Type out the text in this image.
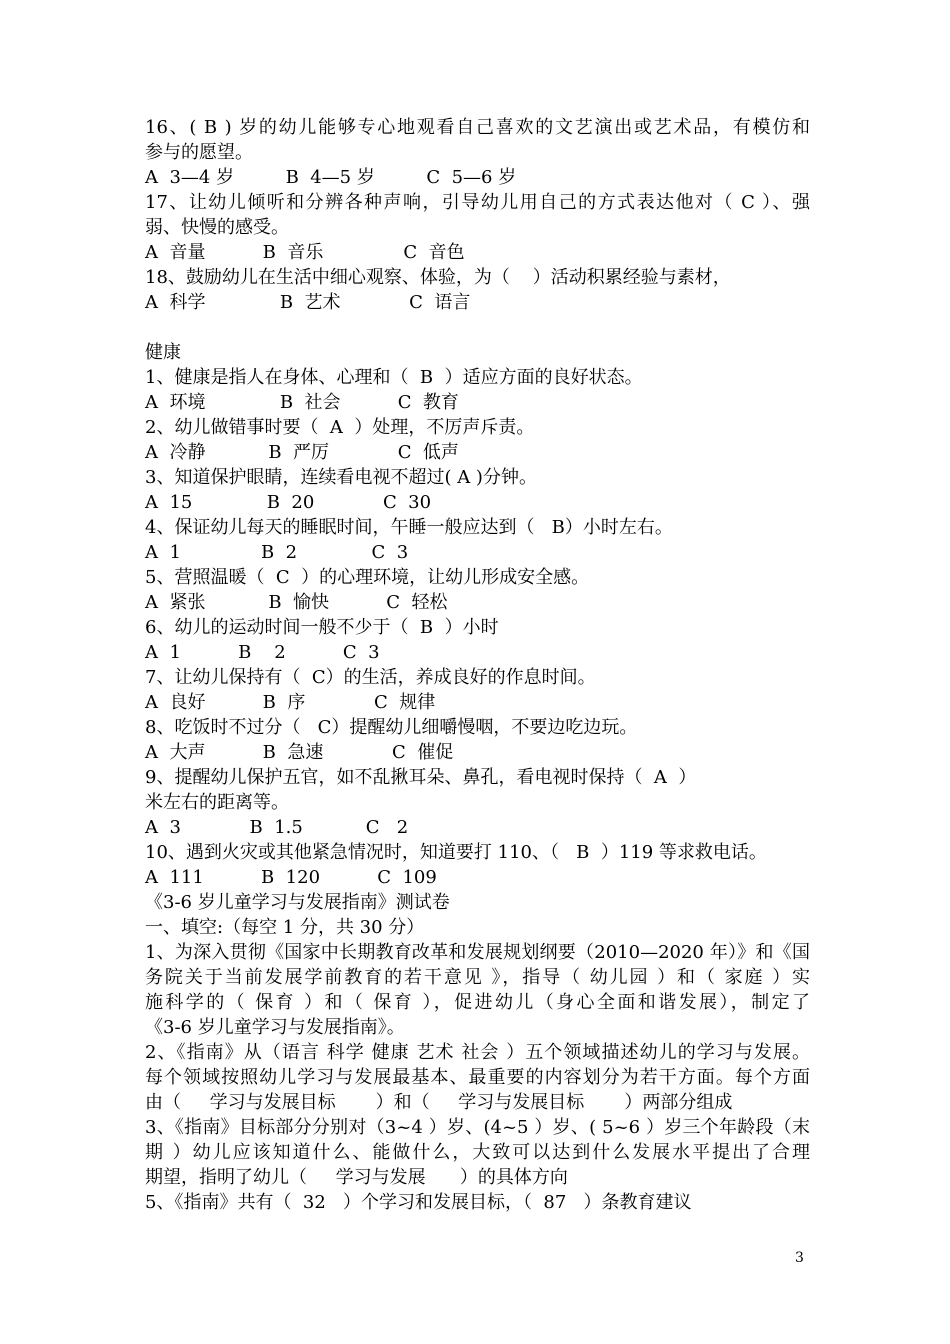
16、( B ) 岁的幼儿能够专心地观看自己喜欢的文艺演出或艺术品，有模仿和
参与的愿望。
A  3—4 岁         B  4—5 岁         C  5—6 岁
17、让幼儿倾听和分辨各种声响，引导幼儿用自己的方式表达他对（ C ）、强
弱、快慢的感受。
A  音量          B  音乐              C  音色
18、鼓励幼儿在生活中细心观察、体验，为（    ）活动积累经验与素材，
A  科学             B  艺术            C  语言
健康
1、健康是指人在身体、心理和（  B  ）适应方面的良好状态。
A  环境             B  社会          C  教育
2、幼儿做错事时要（  A  ）处理，不厉声斥责。
A  冷静           B  严厉            C  低声
3、知道保护眼睛，连续看电视不超过( A )分钟。
A  15             B  20            C  30
4、保证幼儿每天的睡眠时间，午睡一般应达到（   B）小时左右。
A  1              B  2             C  3
5、营照温暖（  C  ）的心理环境，让幼儿形成安全感。
A  紧张           B  愉快          C  轻松
6、幼儿的运动时间一般不少于（  B  ）小时
A  1          B    2          C  3
7、让幼儿保持有（  C）的生活，养成良好的作息时间。
A  良好          B  序            C  规律
8、吃饭时不过分（   C）提醒幼儿细嚼慢咽，不要边吃边玩。
A  大声          B  急速            C  催促
9、提醒幼儿保护五官，如不乱揪耳朵、鼻孔，看电视时保持（  A  ）
米左右的距离等。
A  3            B  1.5           C   2
10、遇到火灾或其他紧急情况时，知道要打 110、（   B  ）119 等求救电话。
A  111          B  120          C  109
《3-6 岁儿童学习与发展指南》测试卷
一、填空:（每空 1 分，共 30 分）
1、为深入贯彻《国家中长期教育改革和发展规划纲要（2010—2020 年）》和《国
务院关于当前发展学前教育的若干意见 》，指导（ 幼儿园 ）和（ 家庭 ）实
施科学的（ 保育 ）和（ 保育 ），促进幼儿（身心全面和谐发展），制定了
《3-6 岁儿童学习与发展指南》。
2、《指南》从（语言 科学 健康 艺术 社会 ）五个领域描述幼儿的学习与发展。
每个领域按照幼儿学习与发展最基本、最重要的内容划分为若干方面。每个方面
由（     学习与发展目标       ）和（     学习与发展目标       ）两部分组成
3、《指南》目标部分分别对（3~4 ）岁、(4~5 ）岁、( 5~6 ）岁三个年龄段（末
期 ）幼儿应该知道什么、能做什么，大致可以达到什么发展水平提出了合理
期望，指明了幼儿（     学习与发展      ）的具体方向
5、《指南》共有（  32   ）个学习和发展目标，（  87   ）条教育建议
3
